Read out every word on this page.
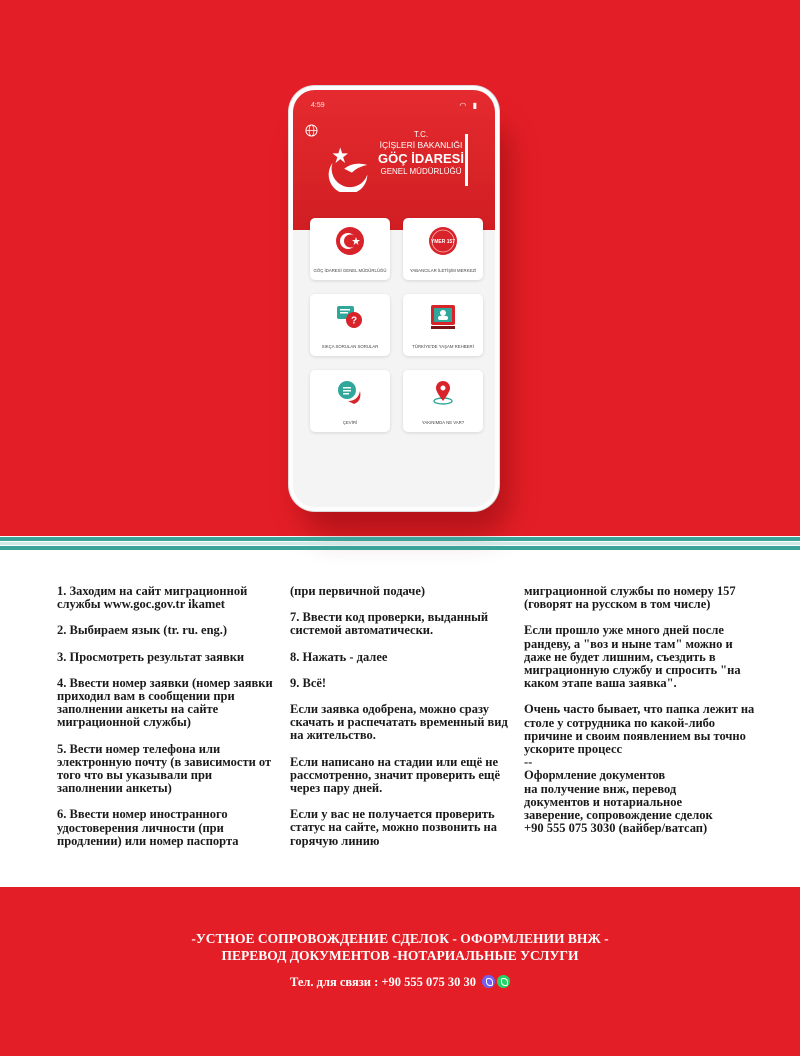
4:59	◠ ▮
T.C.
İÇİŞLERİ BAKANLIĞI
GÖÇ İDARESİ
GENEL MÜDÜRLÜĞÜ
GÖÇ İDARESİ GENEL MÜDÜRLÜĞÜ
YMER 157
YABANCILAR İLETİŞİM MERKEZİ
?
SIKÇA SORULAN SORULAR	TÜRKİYE'DE YAŞAM REHBERİ
ÇEVİRİ	YAKINIMDA NE VAR?

1. Заходим на сайт миграционной службы www.goc.gov.tr ikamet

2. Выбираем язык (tr. ru. eng.)

3. Просмотреть результат заявки

4. Ввести номер заявки (номер заявки приходил вам в сообщении при заполнении анкеты на сайте миграционной службы)

5. Вести номер телефона или электронную почту (в зависимости от того что вы указывали при заполнении анкеты)

6. Ввести номер иностранного удостоверения личности (при продлении) или номер паспорта

(при первичной подаче)

7. Ввести код проверки, выданный системой автоматически.

8. Нажать - далее

9. Всё!

Если заявка одобрена, можно сразу скачать и распечатать временный вид на жительство.

Если написано на стадии или ещё не рассмотренно, значит проверить ещё через пару дней.

Если у вас не получается проверить статус на сайте, можно позвонить на горячую линию

миграционной службы по номеру 157 (говорят на русском в том числе)

Если прошло уже много дней после рандеву, а "воз и ныне там" можно и даже не будет лишним, съездить в миграционную службу и спросить "на каком этапе ваша заявка".

Очень часто бывает, что папка лежит на столе у сотрудника по какой-либо причине и своим появлением вы точно ускорите процесс

--

Оформление документов

на получение внж, перевод

документов и нотариальное

заверение, сопровождение сделок

+90 555 075 3030 (вайбер/ватсап)

-УСТНОЕ СОПРОВОЖДЕНИЕ СДЕЛОК - ОФОРМЛЕНИИ ВНЖ -
ПЕРЕВОД ДОКУМЕНТОВ -НОТАРИАЛЬНЫЕ УСЛУГИ
Тел. для связи : +90 555 075 30 30
